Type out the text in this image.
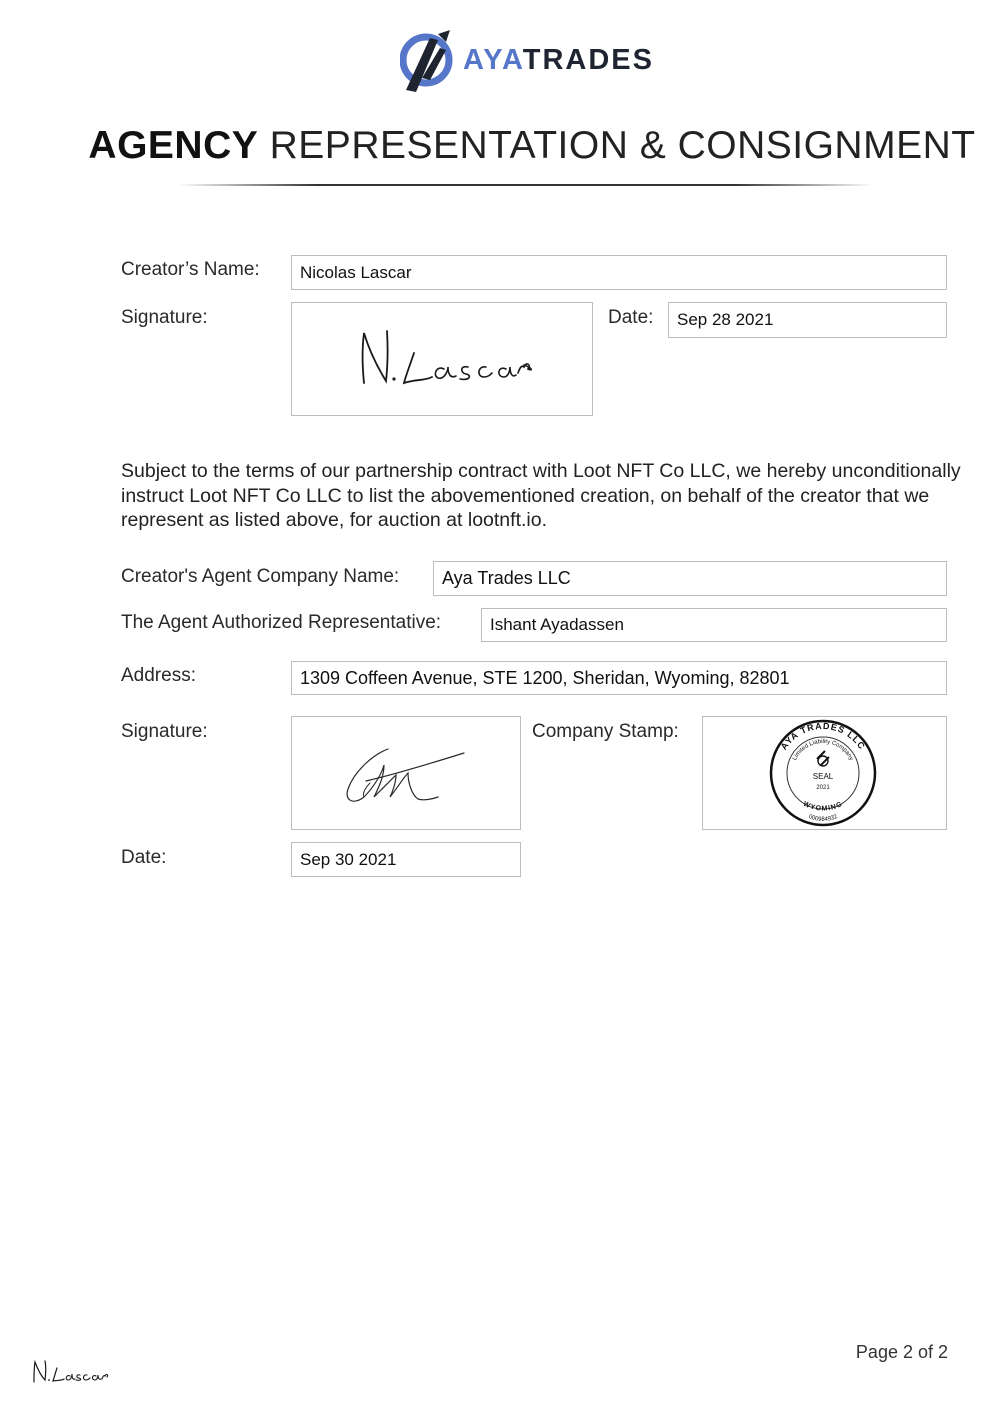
AYATRADES
AGENCY REPRESENTATION & CONSIGNMENT
Creator’s Name:	Nicolas Lascar
Signature:	Date:	Sep 28 2021
Subject to the terms of our partnership contract with Loot NFT Co LLC, we hereby unconditionally instruct Loot NFT Co LLC to list the abovementioned creation, on behalf of the creator that we represent as listed above, for auction at lootnft.io.
Creator's Agent Company Name:	Aya Trades LLC
The Agent Authorized Representative:	Ishant Ayadassen
Address:	1309 Coffeen Avenue, STE 1200, Sheridan, Wyoming, 82801
Signature:	Company Stamp:
AYA TRADES LLC
Limited Liability Company
SEAL
2021
000984932
WYOMING
Date:	Sep 30 2021
Page 2 of 2
